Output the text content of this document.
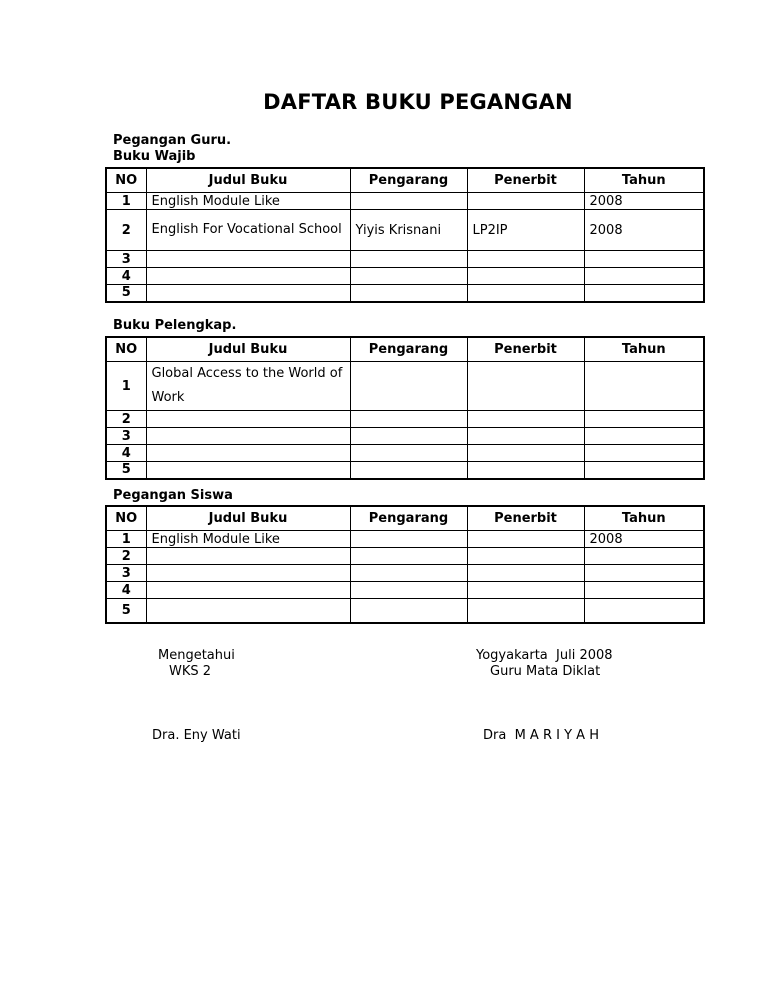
DAFTAR BUKU PEGANGAN
Pegangan Guru.
Buku Wajib
NO	Judul Buku	Pengarang	Penerbit	Tahun
1	English Module Like			2008
2	English For Vocational School	Yiyis Krisnani	LP2IP	2008
3				
4				
5				
Buku Pelengkap.
NO	Judul Buku	Pengarang	Penerbit	Tahun
1	Global Access to the World of Work			
2				
3				
4				
5				
Pegangan Siswa
NO	Judul Buku	Pengarang	Penerbit	Tahun
1	English Module Like			2008
2				
3				
4				
5				
Mengetahui
WKS 2
Dra. Eny Wati
Yogyakarta  Juli 2008
Guru Mata Diklat
Dra  M A R I Y A H
